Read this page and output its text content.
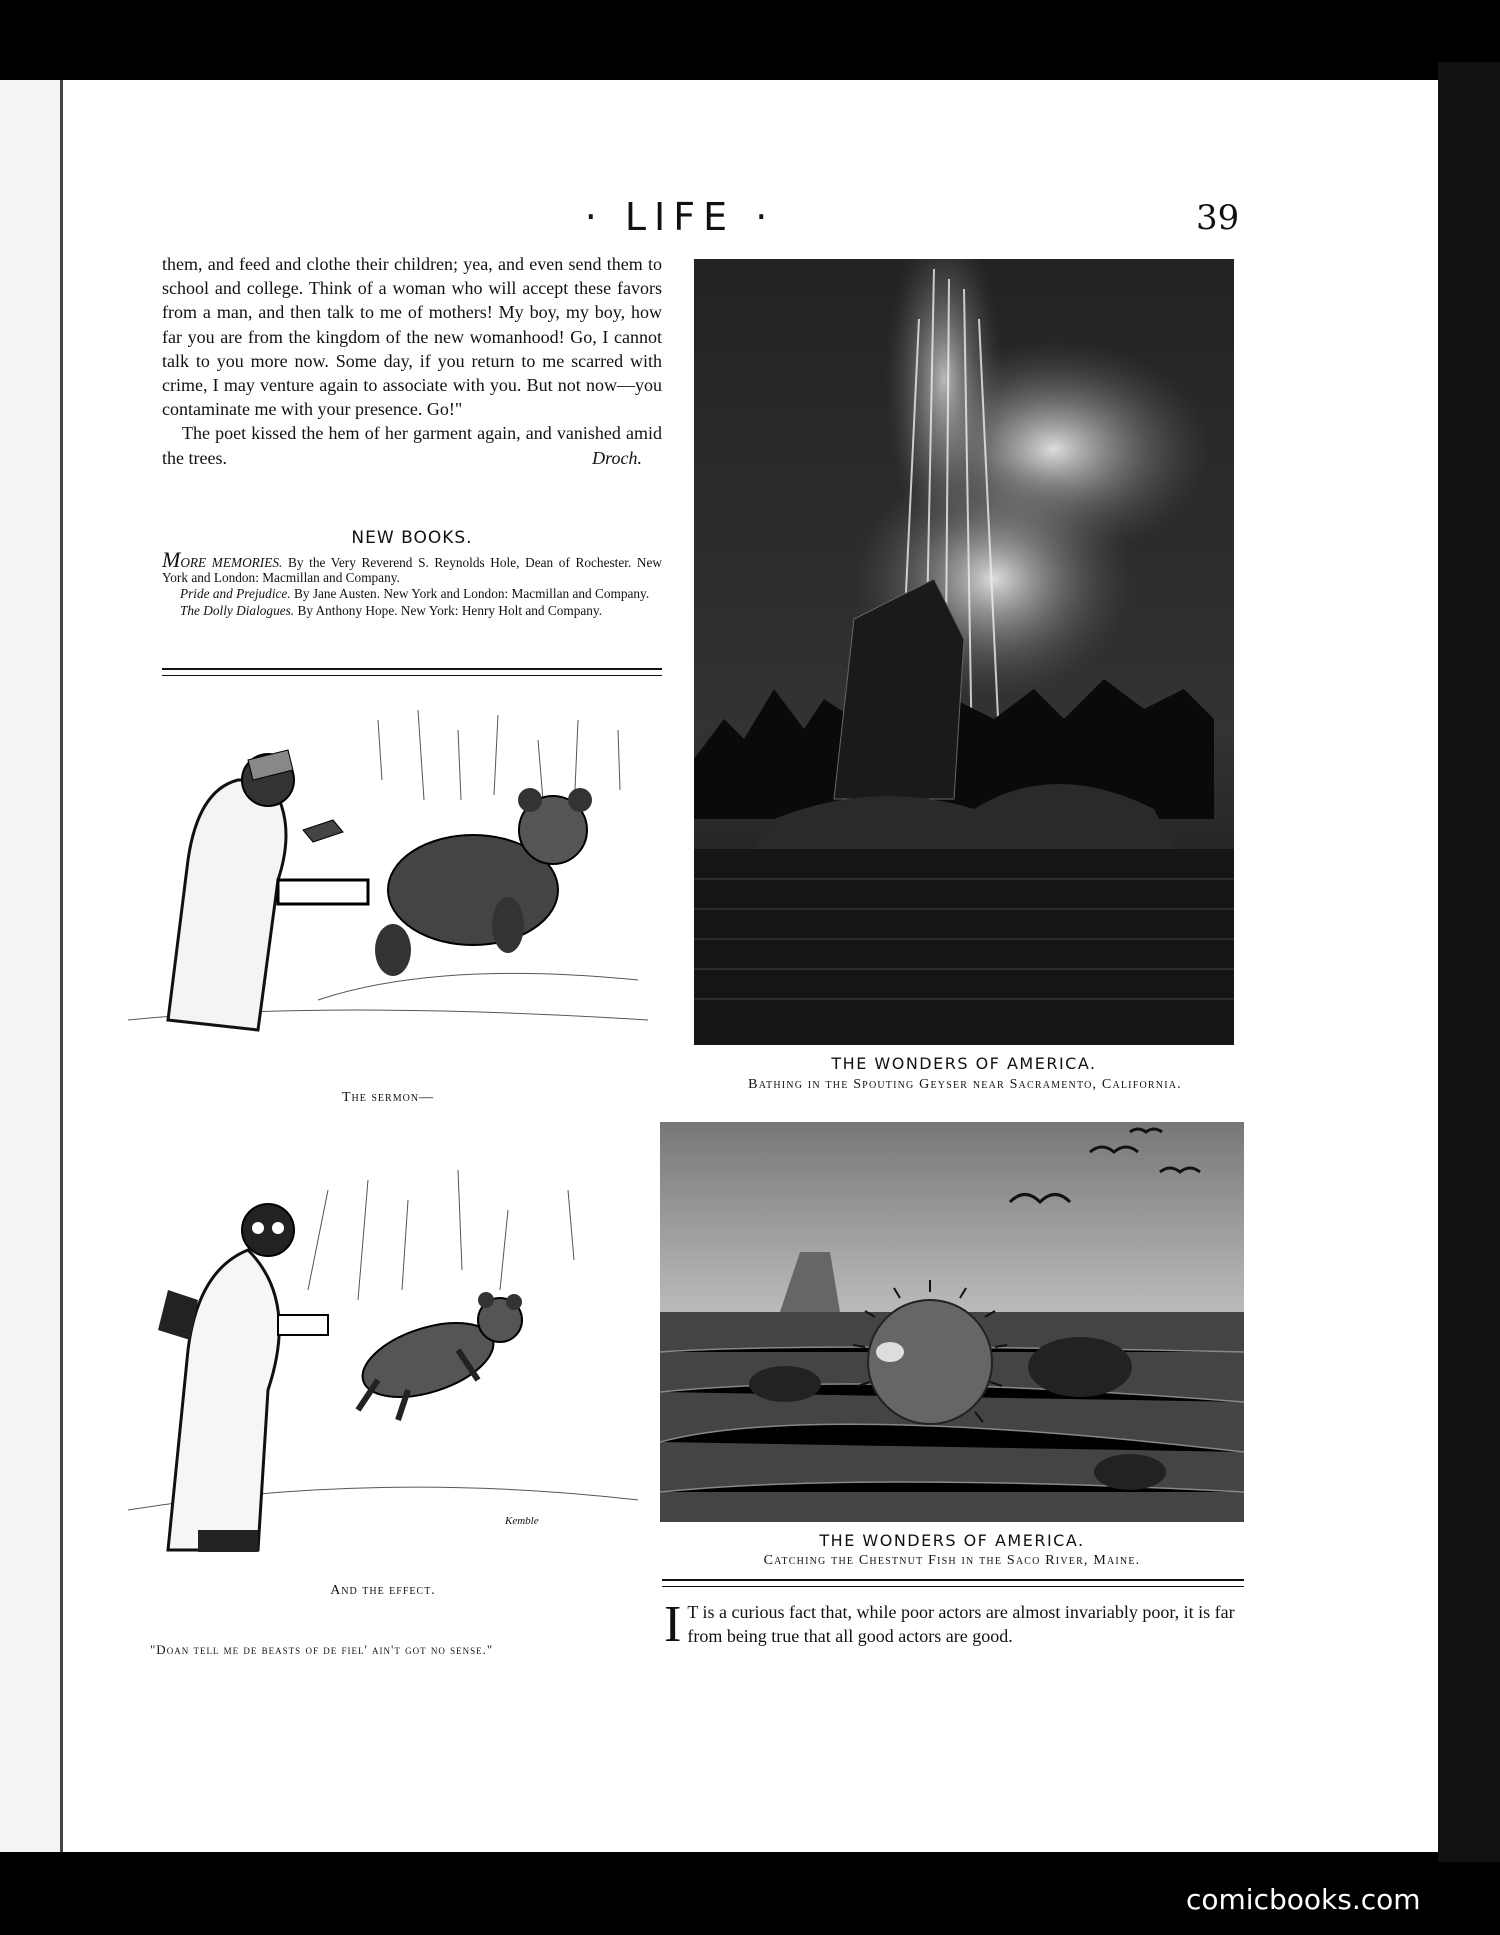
· LIFE ·	39

them, and feed and clothe their children; yea, and even send them to school and college. Think of a woman who will accept these favors from a man, and then talk to me of mothers! My boy, my boy, how far you are from the kingdom of the new womanhood! Go, I cannot talk to you more now. Some day, if you return to me scarred with crime, I may venture again to associate with you. But not now—you contaminate me with your presence. Go!"

The poet kissed the hem of her garment again, and vanished amid the trees.	Droch.

NEW BOOKS.

MORE MEMORIES. By the Very Reverend S. Reynolds Hole, Dean of Rochester. New York and London: Macmillan and Company.

Pride and Prejudice. By Jane Austen. New York and London: Macmillan and Company.

The Dolly Dialogues. By Anthony Hope. New York: Henry Holt and Company.

The sermon—
Kemble
And the effect.
"Doan tell me de beasts of de fiel' ain't got no sense."
THE WONDERS OF AMERICA.
Bathing in the Spouting Geyser near Sacramento, California.
THE WONDERS OF AMERICA.
Catching the Chestnut Fish in the Saco River, Maine.
I T is a curious fact that, while poor actors are almost invariably poor, it is far from being true that all good actors are good.
comicbooks.com
